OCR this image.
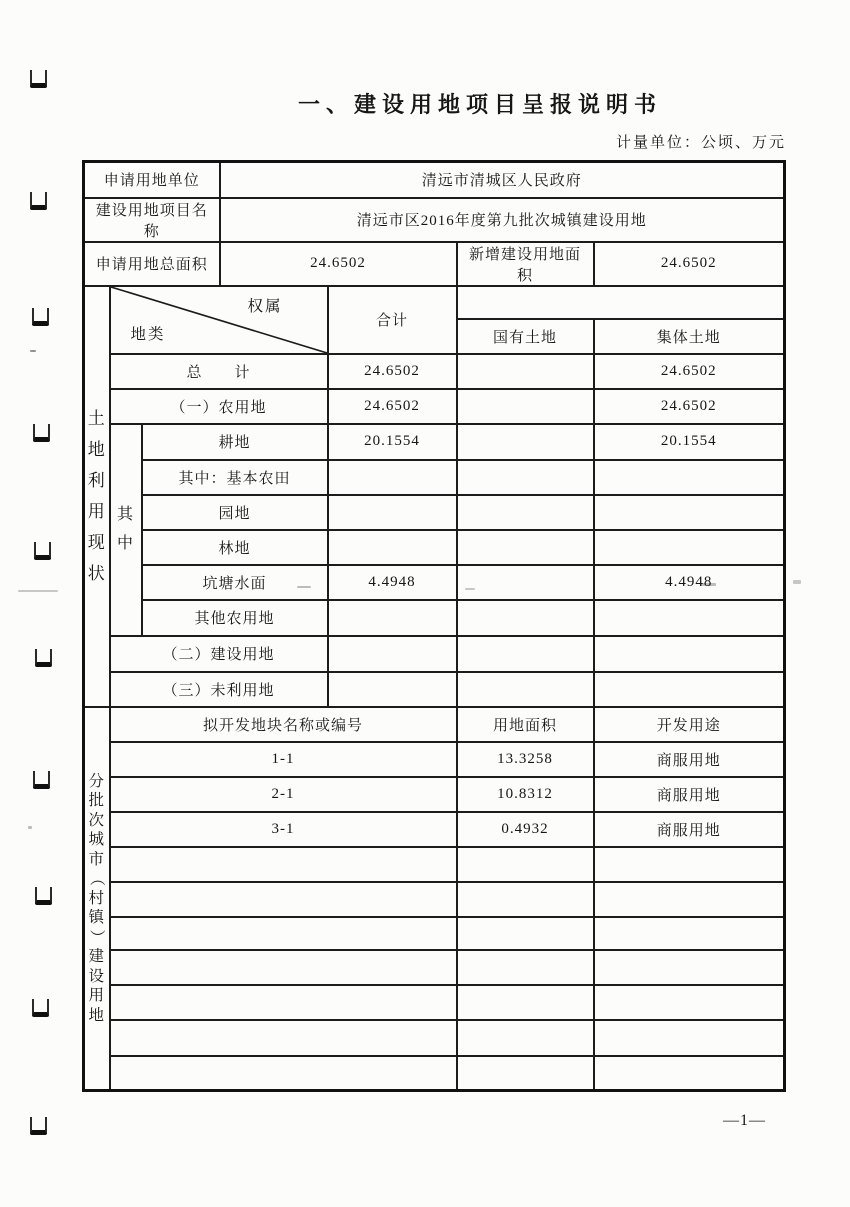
一、建设用地项目呈报说明书
计量单位：公顷、万元
申请用地单位			清远市清城区人民政府			
建设用地项目名称			清远市区2016年度第九批次城镇建设用地			
申请用地总面积			24.6502		新增建设用地面积	24.6502

土
地
利
用
现
状

权属
地类
	合计	
					国有土地	集体土地
	总　　计			24.6502		24.6502
	（一）农用地			24.6502		24.6502

	其
中	耕地		20.1554		20.1554
		其中：基本农田				
		园地				
		林地				
		坑塘水面		4.4948		4.4948
		其他农用地				
	（二）建设用地					
	（三）未利用地					

分
批
次
城
市
（
村
镇
）
建
设
用
地
	拟开发地块名称或编号	用地面积	开发用途
	1-1				13.3258	商服用地
	2-1				10.8312	商服用地
	3-1				0.4932	商服用地

—1—
